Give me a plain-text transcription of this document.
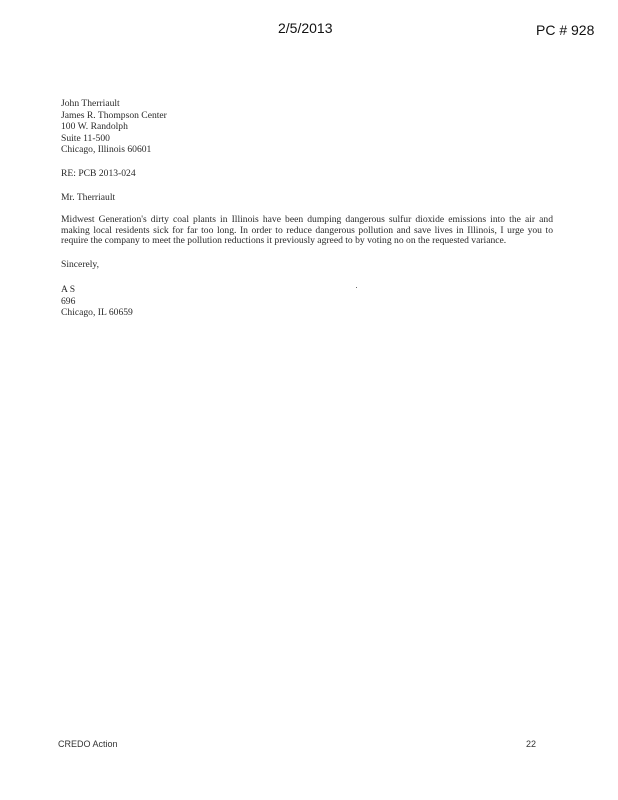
2/5/2013	PC # 928
John Therriault
James R. Thompson Center
100 W. Randolph
Suite 11-500
Chicago, Illinois 60601
RE: PCB 2013-024
Mr. Therriault
Midwest Generation's dirty coal plants in Illinois have been dumping dangerous sulfur dioxide emissions into the air and making local residents sick for far too long. In order to reduce dangerous pollution and save lives in Illinois, I urge you to require the company to meet the pollution reductions it previously agreed to by voting no on the requested variance.
Sincerely,
A S
696
Chicago, IL 60659
CREDO Action	22
